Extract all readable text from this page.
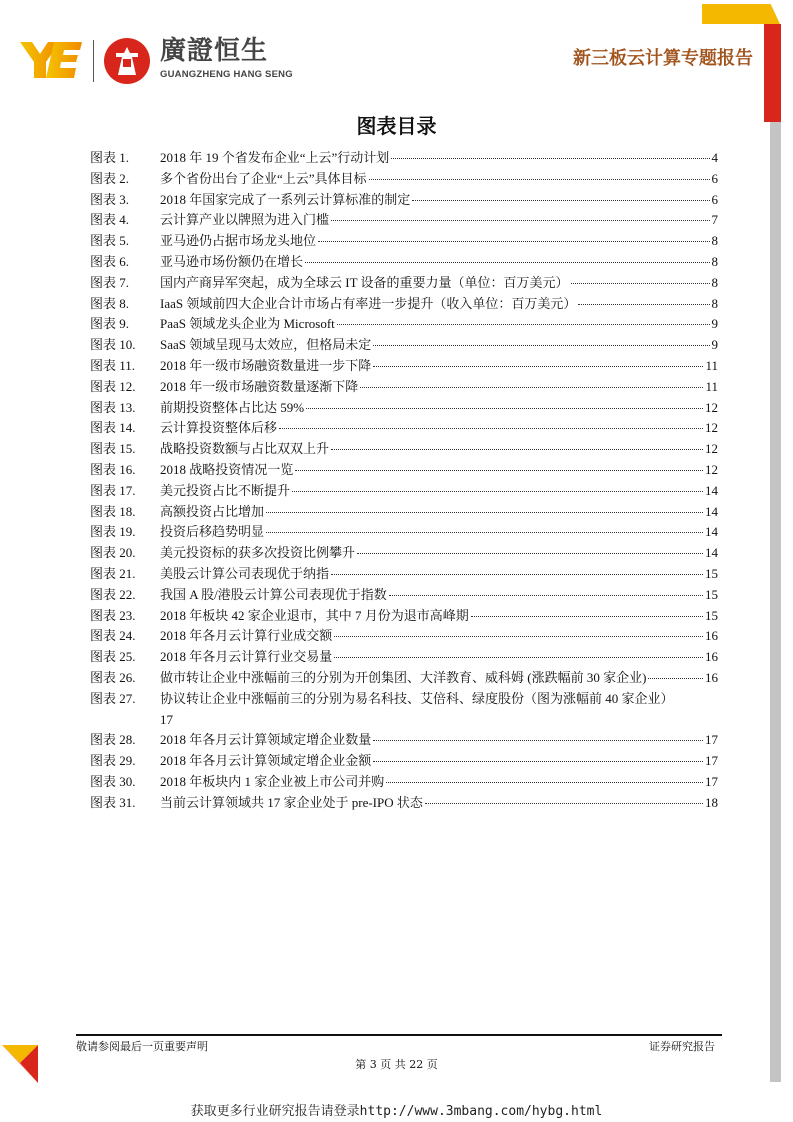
廣證恒生
GUANGZHENG HANG SENG
新三板云计算专题报告
图表目录
图表 1.	2018 年 19 个省发布企业“上云”行动计划	4
图表 2.	多个省份出台了企业“上云”具体目标	6
图表 3.	2018 年国家完成了一系列云计算标准的制定	6
图表 4.	云计算产业以牌照为进入门槛	7
图表 5.	亚马逊仍占据市场龙头地位	8
图表 6.	亚马逊市场份额仍在增长	8
图表 7.	国内产商异军突起，成为全球云 IT 设备的重要力量（单位：百万美元）	8
图表 8.	IaaS 领域前四大企业合计市场占有率进一步提升（收入单位：百万美元）	8
图表 9.	PaaS 领域龙头企业为 Microsoft	9
图表 10.	SaaS 领域呈现马太效应，但格局未定	9
图表 11.	2018 年一级市场融资数量进一步下降	11
图表 12.	2018 年一级市场融资数量逐渐下降	11
图表 13.	前期投资整体占比达 59%	12
图表 14.	云计算投资整体后移	12
图表 15.	战略投资数额与占比双双上升	12
图表 16.	2018 战略投资情况一览	12
图表 17.	美元投资占比不断提升	14
图表 18.	高额投资占比增加	14
图表 19.	投资后移趋势明显	14
图表 20.	美元投资标的获多次投资比例攀升	14
图表 21.	美股云计算公司表现优于纳指	15
图表 22.	我国 A 股/港股云计算公司表现优于指数	15
图表 23.	2018 年板块 42 家企业退市，其中 7 月份为退市高峰期	15
图表 24.	2018 年各月云计算行业成交额	16
图表 25.	2018 年各月云计算行业交易量	16
图表 26.	做市转让企业中涨幅前三的分别为开创集团、大洋教育、威科姆 (涨跌幅前 30 家企业)	16
图表 27.	协议转让企业中涨幅前三的分别为易名科技、艾倍科、绿度股份（图为涨幅前 40 家企业）
17
图表 28.	2018 年各月云计算领域定增企业数量	17
图表 29.	2018 年各月云计算领域定增企业金额	17
图表 30.	2018 年板块内 1 家企业被上市公司并购	17
图表 31.	当前云计算领域共 17 家企业处于 pre-IPO 状态	18
敬请参阅最后一页重要声明	证券研究报告
第 3 页 共 22 页
获取更多行业研究报告请登录http://www.3mbang.com/hybg.html
